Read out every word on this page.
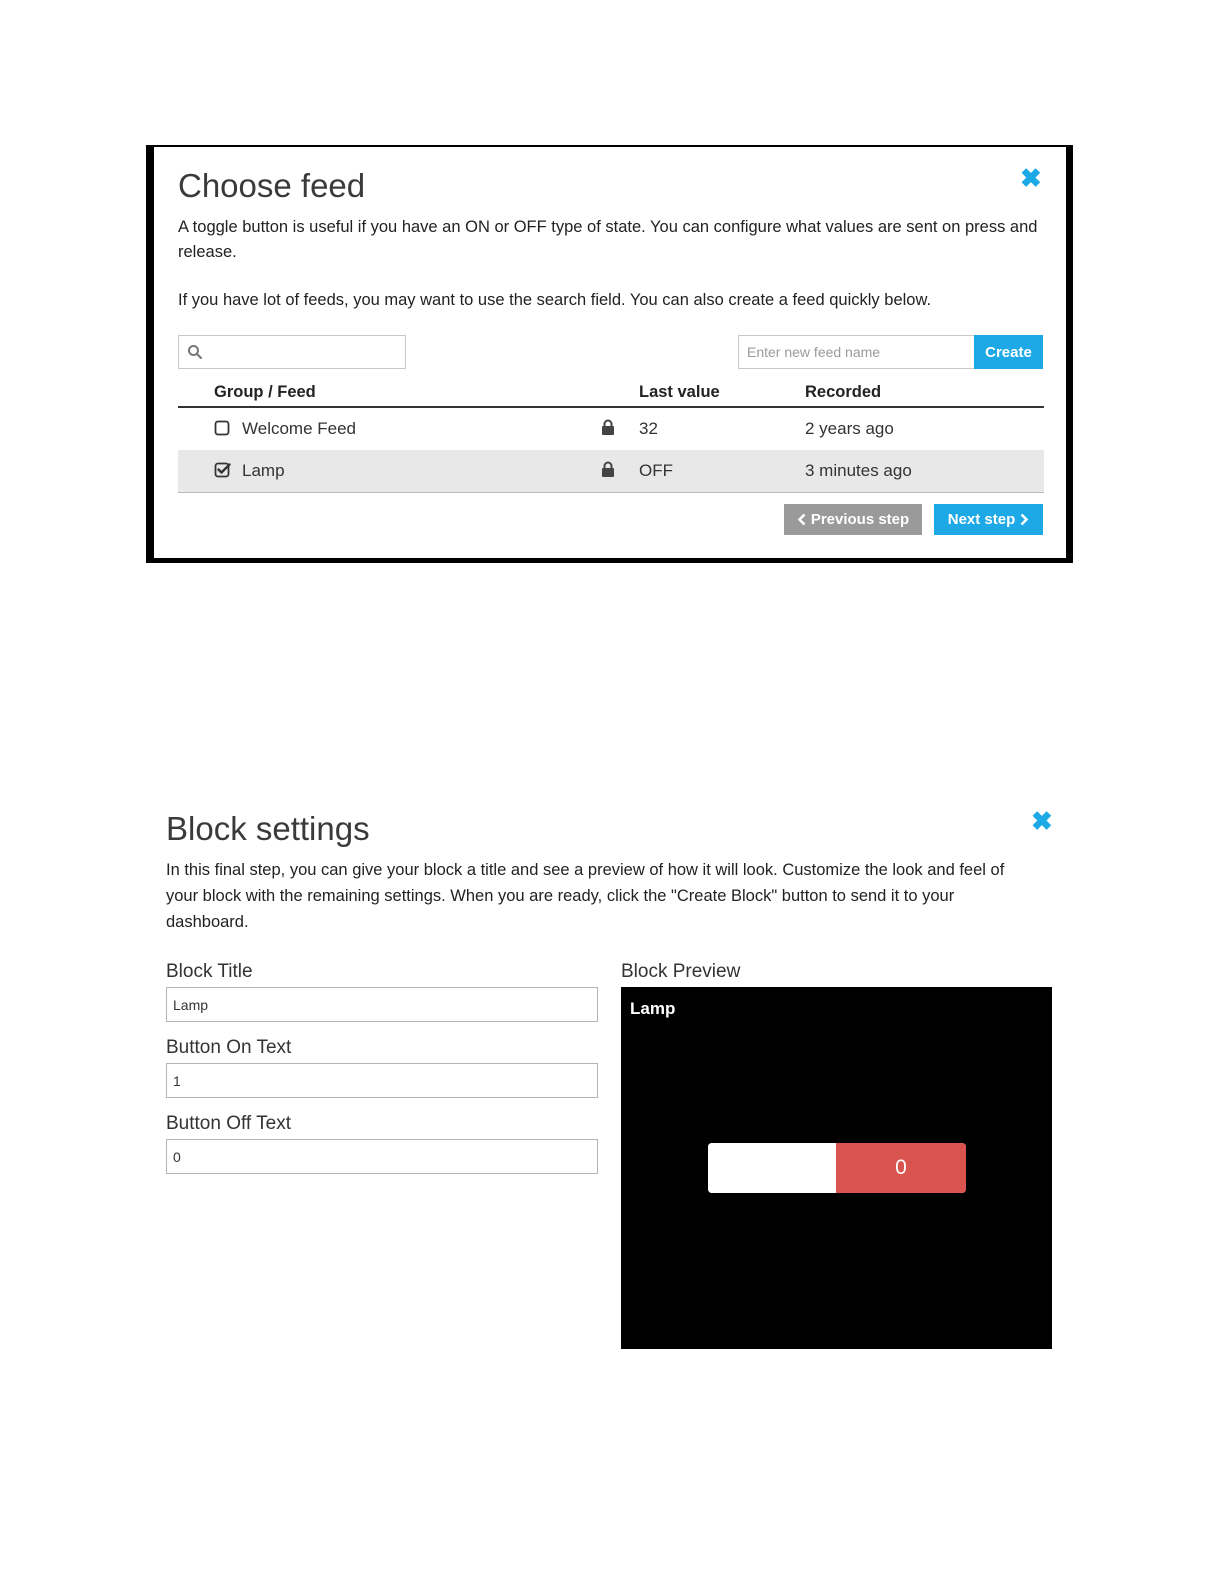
Choose feed	✖
A toggle button is useful if you have an ON or OFF type of state. You can configure what values are sent on press and release.
If you have lot of feeds, you may want to use the search field. You can also create a feed quickly below.
Enter new feed name
Create
Group / Feed	Last value	Recorded
Welcome Feed	32	2 years ago
Lamp	OFF	3 minutes ago
Previous step	Next step
Block settings	✖
In this final step, you can give your block a title and see a preview of how it will look. Customize the look and feel of your block with the remaining settings. When you are ready, click the "Create Block" button to send it to your dashboard.
Block Title
Lamp
Button On Text
1
Button Off Text
0
Block Preview
Lamp
0
